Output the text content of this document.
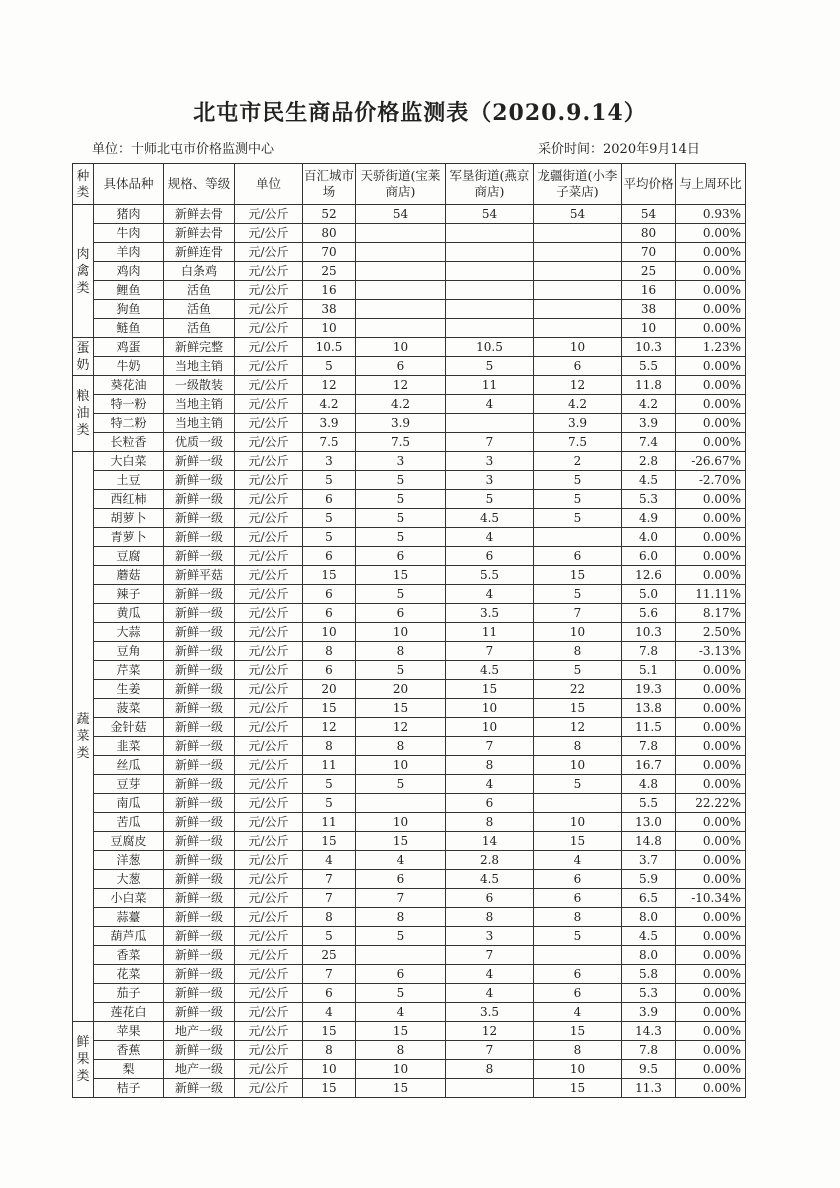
北屯市民生商品价格监测表（2020.9.14）
单位：十师北屯市价格监测中心	采价时间：2020年9月14日
种类	具体品种	规格、等级	单位	百汇城市场	天骄街道(宝莱商店)	军垦街道(燕京商店)	龙疆街道(小李子菜店)	平均价格	与上周环比
肉禽类	猪肉	新鲜去骨	元/公斤	52	54	54	54	54	0.93%
	牛肉	新鲜去骨	元/公斤	80				80	0.00%
	羊肉	新鲜连骨	元/公斤	70				70	0.00%
	鸡肉	白条鸡	元/公斤	25				25	0.00%
	鲤鱼	活鱼	元/公斤	16				16	0.00%
	狗鱼	活鱼	元/公斤	38				38	0.00%
	鲢鱼	活鱼	元/公斤	10				10	0.00%
蛋奶	鸡蛋	新鲜完整	元/公斤	10.5	10	10.5	10	10.3	1.23%
	牛奶	当地主销	元/公斤	5	6	5	6	5.5	0.00%
粮油类	葵花油	一级散装	元/公斤	12	12	11	12	11.8	0.00%
	特一粉	当地主销	元/公斤	4.2	4.2	4	4.2	4.2	0.00%
	特二粉	当地主销	元/公斤	3.9	3.9		3.9	3.9	0.00%
	长粒香	优质一级	元/公斤	7.5	7.5	7	7.5	7.4	0.00%
蔬菜类	大白菜	新鲜一级	元/公斤	3	3	3	2	2.8	-26.67%
	土豆	新鲜一级	元/公斤	5	5	3	5	4.5	-2.70%
	西红柿	新鲜一级	元/公斤	6	5	5	5	5.3	0.00%
	胡萝卜	新鲜一级	元/公斤	5	5	4.5	5	4.9	0.00%
	青萝卜	新鲜一级	元/公斤	5	5	4		4.0	0.00%
	豆腐	新鲜一级	元/公斤	6	6	6	6	6.0	0.00%
	蘑菇	新鲜平菇	元/公斤	15	15	5.5	15	12.6	0.00%
	辣子	新鲜一级	元/公斤	6	5	4	5	5.0	11.11%
	黄瓜	新鲜一级	元/公斤	6	6	3.5	7	5.6	8.17%
	大蒜	新鲜一级	元/公斤	10	10	11	10	10.3	2.50%
	豆角	新鲜一级	元/公斤	8	8	7	8	7.8	-3.13%
	芹菜	新鲜一级	元/公斤	6	5	4.5	5	5.1	0.00%
	生姜	新鲜一级	元/公斤	20	20	15	22	19.3	0.00%
	菠菜	新鲜一级	元/公斤	15	15	10	15	13.8	0.00%
	金针菇	新鲜一级	元/公斤	12	12	10	12	11.5	0.00%
	韭菜	新鲜一级	元/公斤	8	8	7	8	7.8	0.00%
	丝瓜	新鲜一级	元/公斤	11	10	8	10	16.7	0.00%
	豆芽	新鲜一级	元/公斤	5	5	4	5	4.8	0.00%
	南瓜	新鲜一级	元/公斤	5		6		5.5	22.22%
	苦瓜	新鲜一级	元/公斤	11	10	8	10	13.0	0.00%
	豆腐皮	新鲜一级	元/公斤	15	15	14	15	14.8	0.00%
	洋葱	新鲜一级	元/公斤	4	4	2.8	4	3.7	0.00%
	大葱	新鲜一级	元/公斤	7	6	4.5	6	5.9	0.00%
	小白菜	新鲜一级	元/公斤	7	7	6	6	6.5	-10.34%
	蒜薹	新鲜一级	元/公斤	8	8	8	8	8.0	0.00%
	葫芦瓜	新鲜一级	元/公斤	5	5	3	5	4.5	0.00%
	香菜	新鲜一级	元/公斤	25		7		8.0	0.00%
	花菜	新鲜一级	元/公斤	7	6	4	6	5.8	0.00%
	茄子	新鲜一级	元/公斤	6	5	4	6	5.3	0.00%
	莲花白	新鲜一级	元/公斤	4	4	3.5	4	3.9	0.00%
鲜果类	苹果	地产一级	元/公斤	15	15	12	15	14.3	0.00%
	香蕉	新鲜一级	元/公斤	8	8	7	8	7.8	0.00%
	梨	地产一级	元/公斤	10	10	8	10	9.5	0.00%
	桔子	新鲜一级	元/公斤	15	15		15	11.3	0.00%
